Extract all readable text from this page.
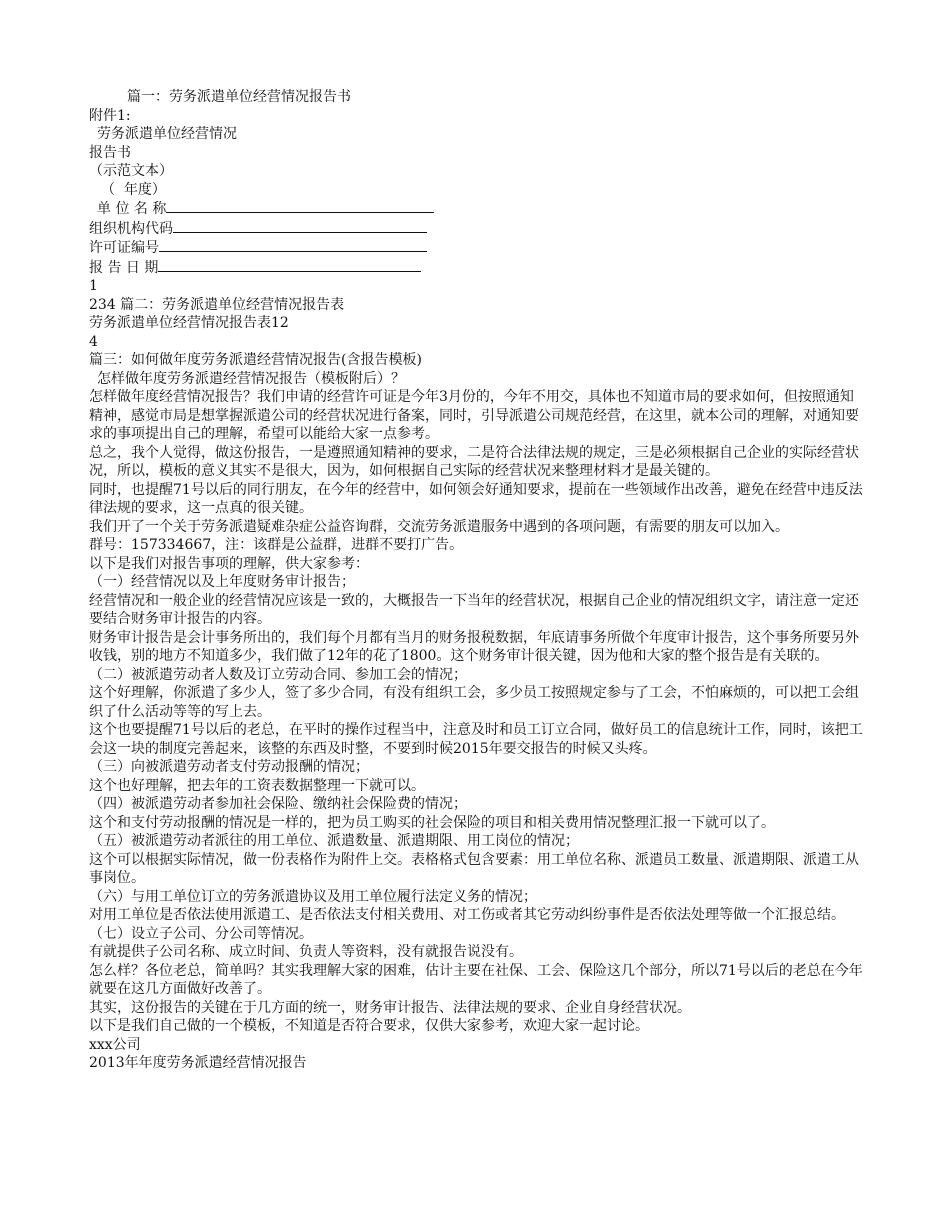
篇一：劳务派遣单位经营情况报告书
附件1:
劳务派遣单位经营情况
报告书
（示范文本）
（  年度）
单 位 名 称
组织机构代码
许可证编号
报 告 日 期
1
234 篇二：劳务派遣单位经营情况报告表
劳务派遣单位经营情况报告表12
4
篇三：如何做年度劳务派遣经营情况报告(含报告模板)
怎样做年度劳务派遣经营情况报告（模板附后）？
怎样做年度经营情况报告？我们申请的经营许可证是今年3月份的，今年不用交，具体也不知道市局的要求如何，但按照通知精神，感觉市局是想掌握派遣公司的经营状况进行备案，同时，引导派遣公司规范经营，在这里，就本公司的理解，对通知要求的事项提出自己的理解，希望可以能给大家一点参考。
总之，我个人觉得，做这份报告，一是遵照通知精神的要求，二是符合法律法规的规定，三是必须根据自己企业的实际经营状况，所以，模板的意义其实不是很大，因为，如何根据自己实际的经营状况来整理材料才是最关键的。
同时，也提醒71号以后的同行朋友，在今年的经营中，如何领会好通知要求，提前在一些领域作出改善，避免在经营中违反法律法规的要求，这一点真的很关键。
我们开了一个关于劳务派遣疑难杂症公益咨询群，交流劳务派遣服务中遇到的各项问题，有需要的朋友可以加入。
群号：157334667，注：该群是公益群，进群不要打广告。
以下是我们对报告事项的理解，供大家参考：
（一）经营情况以及上年度财务审计报告；
经营情况和一般企业的经营情况应该是一致的，大概报告一下当年的经营状况，根据自己企业的情况组织文字，请注意一定还要结合财务审计报告的内容。
财务审计报告是会计事务所出的，我们每个月都有当月的财务报税数据，年底请事务所做个年度审计报告，这个事务所要另外收钱，别的地方不知道多少，我们做了12年的花了1800。这个财务审计很关键，因为他和大家的整个报告是有关联的。
（二）被派遣劳动者人数及订立劳动合同、参加工会的情况；
这个好理解，你派遣了多少人，签了多少合同，有没有组织工会，多少员工按照规定参与了工会，不怕麻烦的，可以把工会组织了什么活动等等的写上去。
这个也要提醒71号以后的老总，在平时的操作过程当中，注意及时和员工订立合同，做好员工的信息统计工作，同时，该把工会这一块的制度完善起来，该整的东西及时整，不要到时候2015年要交报告的时候又头疼。
（三）向被派遣劳动者支付劳动报酬的情况；
这个也好理解，把去年的工资表数据整理一下就可以。
（四）被派遣劳动者参加社会保险、缴纳社会保险费的情况；
这个和支付劳动报酬的情况是一样的，把为员工购买的社会保险的项目和相关费用情况整理汇报一下就可以了。
（五）被派遣劳动者派往的用工单位、派遣数量、派遣期限、用工岗位的情况；
这个可以根据实际情况，做一份表格作为附件上交。表格格式包含要素：用工单位名称、派遣员工数量、派遣期限、派遣工从事岗位。
（六）与用工单位订立的劳务派遣协议及用工单位履行法定义务的情况；
对用工单位是否依法使用派遣工、是否依法支付相关费用、对工伤或者其它劳动纠纷事件是否依法处理等做一个汇报总结。
（七）设立子公司、分公司等情况。
有就提供子公司名称、成立时间、负责人等资料，没有就报告说没有。
怎么样？各位老总，简单吗？其实我理解大家的困难，估计主要在社保、工会、保险这几个部分，所以71号以后的老总在今年就要在这几方面做好改善了。
其实，这份报告的关键在于几方面的统一，财务审计报告、法律法规的要求、企业自身经营状况。
以下是我们自己做的一个模板，不知道是否符合要求，仅供大家参考，欢迎大家一起讨论。
xxx公司
2013年年度劳务派遣经营情况报告
